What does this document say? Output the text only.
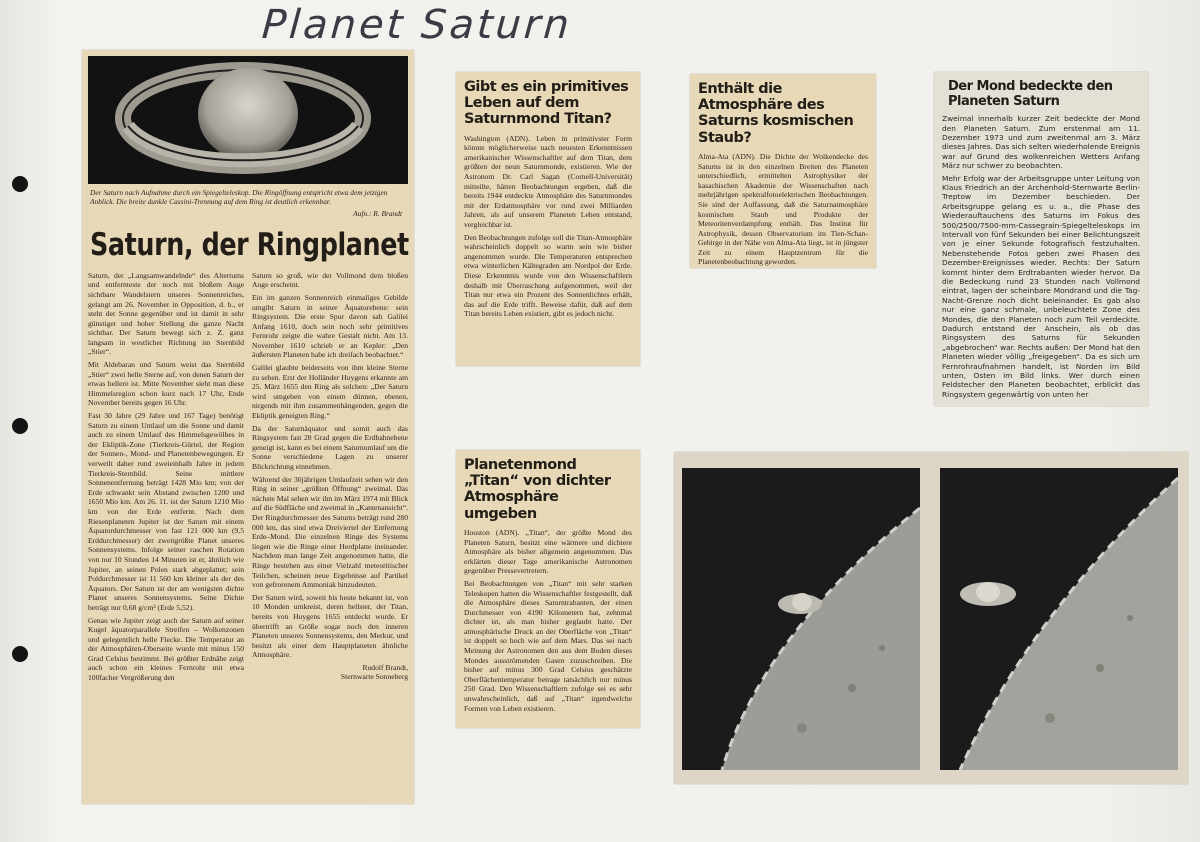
Planet Saturn
Der Saturn nach Aufnahme durch ein Spiegelteleskop. Die Ringöffnung entspricht etwa dem jetzigen Anblick. Die breite dunkle Cassini-Trennung auf dem Ring ist deutlich erkennbar.
Aufn.: R. Brandt
Saturn, der Ringplanet

Saturn, der „Langsamwandelnde“ des Altertums und entfernteste der noch mit bloßem Auge sichtbare Wandelstern unseres Sonnenreiches, gelangt am 26. November in Opposition, d. h., er steht der Sonne gegenüber und ist damit in sehr günstiger und hoher Stellung die ganze Nacht sichtbar. Der Saturn bewegt sich z. Z. ganz langsam in westlicher Richtung im Sternbild „Stier“.

Mit Aldebaran und Saturn weist das Sternbild „Stier“ zwei helle Sterne auf, von denen Saturn der etwas hellere ist. Mitte November sieht man diese Himmelsregion schon kurz nach 17 Uhr, Ende November bereits gegen 16 Uhr.

Fast 30 Jahre (29 Jahre und 167 Tage) benötigt Saturn zu einem Umlauf um die Sonne und damit auch zu einem Umlauf des Himmelsgewölbes in der Ekliptik-Zone (Tierkreis-Gürtel, der Region der Sonnen-, Mond- und Planetenbewegungen. Er verweilt daher rund zweieinhalb Jahre in jedem Tierkreis-Sternbild. Seine mittlere Sonnenentfernung beträgt 1428 Mio km; von der Erde schwankt sein Abstand zwischen 1200 und 1650 Mio km. Am 26. 11. ist der Saturn 1210 Mio km von der Erde entfernt. Nach dem Riesenplaneten Jupiter ist der Saturn mit einem Äquatordurchmesser von fast 121 000 km (9,5 Erddurchmesser) der zweitgrößte Planet unseres Sonnensystems. Infolge seiner raschen Rotation von nur 10 Stunden 14 Minuten ist er, ähnlich wie Jupiter, an seinen Polen stark abgeplattet; sein Poldurchmesser ist 11 560 km kleiner als der des Äquators. Der Saturn ist der am wenigsten dichte Planet unseres Sonnensystems. Seine Dichte beträgt nur 0,68 g/cm³ (Erde 5,52).

Genau wie Jupiter zeigt auch der Saturn auf seiner Kugel äquatorparallele Streifen – Wolkenzonen und gelegentlich helle Flecke. Die Temperatur an der Atmosphären-Oberseite wurde mit minus 150 Grad Celsius bestimmt. Bei größter Erdnähe zeigt auch schon ein kleines Fernrohr mit etwa 100facher Vergrößerung den

Saturn so groß, wie der Vollmond dem bloßen Auge erscheint.

Ein im ganzen Sonnenreich einmaliges Gebilde umgibt Saturn in seiner Äquatorebene: sein Ringsystem. Die erste Spur davon sah Galilei Anfang 1610, doch sein noch sehr primitives Fernrohr zeigte die wahre Gestalt nicht. Am 13. November 1610 schrieb er an Kepler: „Den äußersten Planeten habe ich dreifach beobachtet.“

Galilei glaubte beiderseits von ihm kleine Sterne zu sehen. Erst der Holländer Huygens erkannte am 25. März 1655 den Ring als solchen: „Der Saturn wird umgeben von einem dünnen, ebenen, nirgends mit ihm zusammenhängenden, gegen die Ekliptik geneigten Ring.“

Da der Saturnäquator und somit auch das Ringsystem fast 28 Grad gegen die Erdbahnebene geneigt ist, kann es bei einem Saturnumlauf um die Sonne verschiedene Lagen zu unserer Blickrichtung einnehmen.

Während der 30jährigen Umlaufzeit sehen wir den Ring in seiner „größten Öffnung“ zweimal. Das nächste Mal sehen wir ihn im März 1974 mit Blick auf die Südfläche und zweimal in „Kantenansicht“. Der Ringdurchmesser des Saturns beträgt rund 280 000 km, das sind etwa Dreiviertel der Entfernung Erde–Mond. Die einzelnen Ringe des Systems liegen wie die Ringe einer Herdplatte ineinander. Nachdem man lange Zeit angenommen hatte, die Ringe bestehen aus einer Vielzahl meteoritischer Teilchen, scheinen neue Ergebnisse auf Partikel von gefrorenem Ammoniak hinzudeuten.

Der Saturn wird, soweit bis heute bekannt ist, von 10 Monden umkreist, deren hellster, der Titan, bereits von Huygens 1655 entdeckt wurde. Er übertrifft an Größe sogar noch den inneren Planeten unseres Sonnensystems, den Merkur, und besitzt als einer dem Hauptplaneten ähnliche Atmosphäre.

Rudolf Brandt,
Sternwarte Sonneberg
Gibt es ein primitives Leben auf dem Saturnmond Titan?

Washington (ADN). Leben in primitivster Form könnte möglicherweise nach neuesten Erkenntnissen amerikanischer Wissenschaftler auf dem Titan, dem größten der neun Saturnmonde, existieren. Wie der Astronom Dr. Carl Sagan (Cornell-Universität) mitteilte, hätten Beobachtungen ergeben, daß die bereits 1944 entdeckte Atmosphäre des Saturnmondes mit der Erdatmosphäre vor rund zwei Milliarden Jahren, als auf unserem Planeten Leben entstand, vergleichbar ist.

Den Beobachtungen zufolge soll die Titan-Atmosphäre wahrscheinlich doppelt so warm sein wie bisher angenommen wurde. Die Temperaturen entsprechen etwa winterlichen Kältegraden am Nordpol der Erde. Diese Erkenntnis wurde von den Wissenschaftlern deshalb mit Überraschung aufgenommen, weil der Titan nur etwa ein Prozent des Sonnenlichtes erhält, das auf die Erde trifft. Beweise dafür, daß auf dem Titan bereits Leben existiert, gibt es jedoch nicht.

Enthält die Atmosphäre des Saturns kosmischen Staub?

Alma-Ata (ADN). Die Dichte der Wolkendecke des Saturns ist in den einzelnen Breiten des Planeten unterschiedlich, ermittelten Astrophysiker der kasachischen Akademie der Wissenschaften nach mehrjährigen spektralfotoelektrischen Beobachtungen. Sie sind der Auffassung, daß die Saturnatmosphäre kosmischen Staub und Produkte der Meteoritenverdampfung enthält. Das Institut für Astrophysik, dessen Observatorium im Tien-Schan-Gebirge in der Nähe von Alma-Ata liegt, ist in jüngster Zeit zu einem Hauptzentrum für die Planetenbeobachtung geworden.

Der Mond bedeckte den Planeten Saturn

Zweimal innerhalb kurzer Zeit bedeckte der Mond den Planeten Saturn. Zum erstenmal am 11. Dezember 1973 und zum zweitenmal am 3. März dieses Jahres. Das sich selten wiederholende Ereignis war auf Grund des wolkenreichen Wetters Anfang März nur schwer zu beobachten.

Mehr Erfolg war der Arbeitsgruppe unter Leitung von Klaus Friedrich an der Archenhold-Sternwarte Berlin-Treptow im Dezember beschieden. Der Arbeitsgruppe gelang es u. a., die Phase des Wiederauftauchens des Saturns im Fokus des 500/2500/7500-mm-Cassegrain-Spiegelteleskops im Intervall von fünf Sekunden bei einer Belichtungszeit von je einer Sekunde fotografisch festzuhalten. Nebenstehende Fotos geben zwei Phasen des Dezember-Ereignisses wieder. Rechts: Der Saturn kommt hinter dem Erdtrabanten wieder hervor. Da die Bedeckung rund 23 Stunden nach Vollmond eintrat, lagen der scheinbare Mondrand und die Tag-Nacht-Grenze noch dicht beieinander. Es gab also nur eine ganz schmale, unbeleuchtete Zone des Mondes, die den Planeten noch zum Teil verdeckte. Dadurch entstand der Anschein, als ob das Ringsystem des Saturns für Sekunden „abgebrochen“ war. Rechts außen: Der Mond hat den Planeten wieder völlig „freigegeben“. Da es sich um Fernrohraufnahmen handelt, ist Norden im Bild unten, Osten im Bild links. Wer durch einen Feldstecher den Planeten beobachtet, erblickt das Ringsystem gegenwärtig von unten her

Planetenmond „Titan“ von dichter Atmosphäre umgeben

Houston (ADN). „Titan“, der größte Mond des Planeten Saturn, besitzt eine wärmere und dichtere Atmosphäre als bisher allgemein angenommen. Das erklärten dieser Tage amerikanische Astronomen gegenüber Pressevertretern.

Bei Beobachtungen von „Titan“ mit sehr starken Teleskopen hatten die Wissenschaftler festgestellt, daß die Atmosphäre dieses Saturntrabanten, der einen Durchmesser von 4190 Kilometern hat, zehnmal dichter ist, als man bisher geglaubt hatte. Der atmosphärische Druck an der Oberfläche von „Titan“ ist doppelt so hoch wie auf dem Mars. Das sei nach Meinung der Astronomen den aus dem Boden dieses Mondes ausströmenden Gasen zuzuschreiben. Die bisher auf minus 300 Grad Celsius geschätzte Oberflächentemperatur betrage tatsächlich nur minus 250 Grad. Den Wissenschaftlern zufolge sei es sehr unwahrscheinlich, daß auf „Titan“ irgendwelche Formen von Leben existieren.
